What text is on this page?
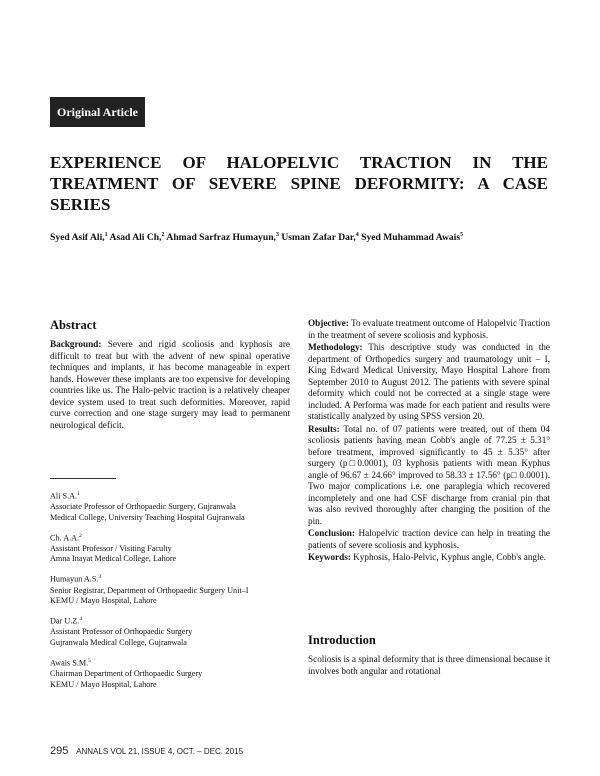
Original Article
EXPERIENCE OF HALOPELVIC TRACTION IN THE TREATMENT OF SEVERE SPINE DEFORMITY: A CASE SERIES

Syed Asif Ali,$^1$ Asad Ali Ch,$^2$ Ahmad Sarfraz Humayun,$^3$ Usman Zafar Dar,$^4$ Syed Muhammad Awais$^5$

Abstract

Background: Severe and rigid scoliosis and kyphosis are difficult to treat but with the advent of new spinal operative techniques and implants, it has become manageable in expert hands. However these implants are too expensive for developing countries like us. The Halo-pelvic traction is a relatively cheaper device system used to treat such deformities. Moreover, rapid curve correction and one stage surgery may lead to permanent neurological deficit.

Ali S.A.$^1$
Associate Professor of Orthopaedic Surgery, Gujranwala
Medical College, University Teaching Hospital Gujranwala
Ch. A.A.$^2$
Assistant Professor / Visiting Faculty
Amna Inayat Medical College, Lahore
Humayun A.S.$^3$
Senior Registrar, Department of Orthopaedic Surgery Unit–I
KEMU / Mayo Hospital, Lahore
Dar U.Z.$^4$
Assistant Professor of Orthopaedic Surgery
Gujranwala Medical College, Gujranwala
Awais S.M.$^5$
Chairman Department of Orthopaedic Surgery
KEMU / Mayo Hospital, Lahore

Objective: To evaluate treatment outcome of Halopelvic Traction in the treatment of severe scoliosis and kyphosis.

Methodology: This descriptive study was conducted in the department of Orthopedics surgery and traumatology unit – I, King Edward Medical University, Mayo Hospital Lahore from September 2010 to August 2012. The patients with severe spinal deformity which could not be corrected at a single stage were included. A Performa was made for each patient and results were statistically analyzed by using SPSS version 20.

Results: Total no. of 07 patients were treated, out of them 04 scoliosis patients having mean Cobb's angle of 77.25 ± 5.31° before treatment, improved significantly to 45 ± 5.35° after surgery (p□0.0001), 03 kyphosis patients with mean Kyphus angle of 96.67 ± 24.66° improved to 58.33 ± 17.56° (p□ 0.0001). Two major complications i.e. one paraplegia which recovered incompletely and one had CSF discharge from cranial pin that was also revived thoroughly after changing the position of the pin.

Conclusion: Halopelvic traction device can help in treating the patients of severe scoliosis and kyphosis.

Keywords: Kyphosis, Halo-Pelvic, Kyphus angle, Cobb's angle.

Introduction

Scoliosis is a spinal deformity that is three dimensional because it involves both angular and rotational

295 ANNALS VOL 21, ISSUE 4, OCT. – DEC. 2015
